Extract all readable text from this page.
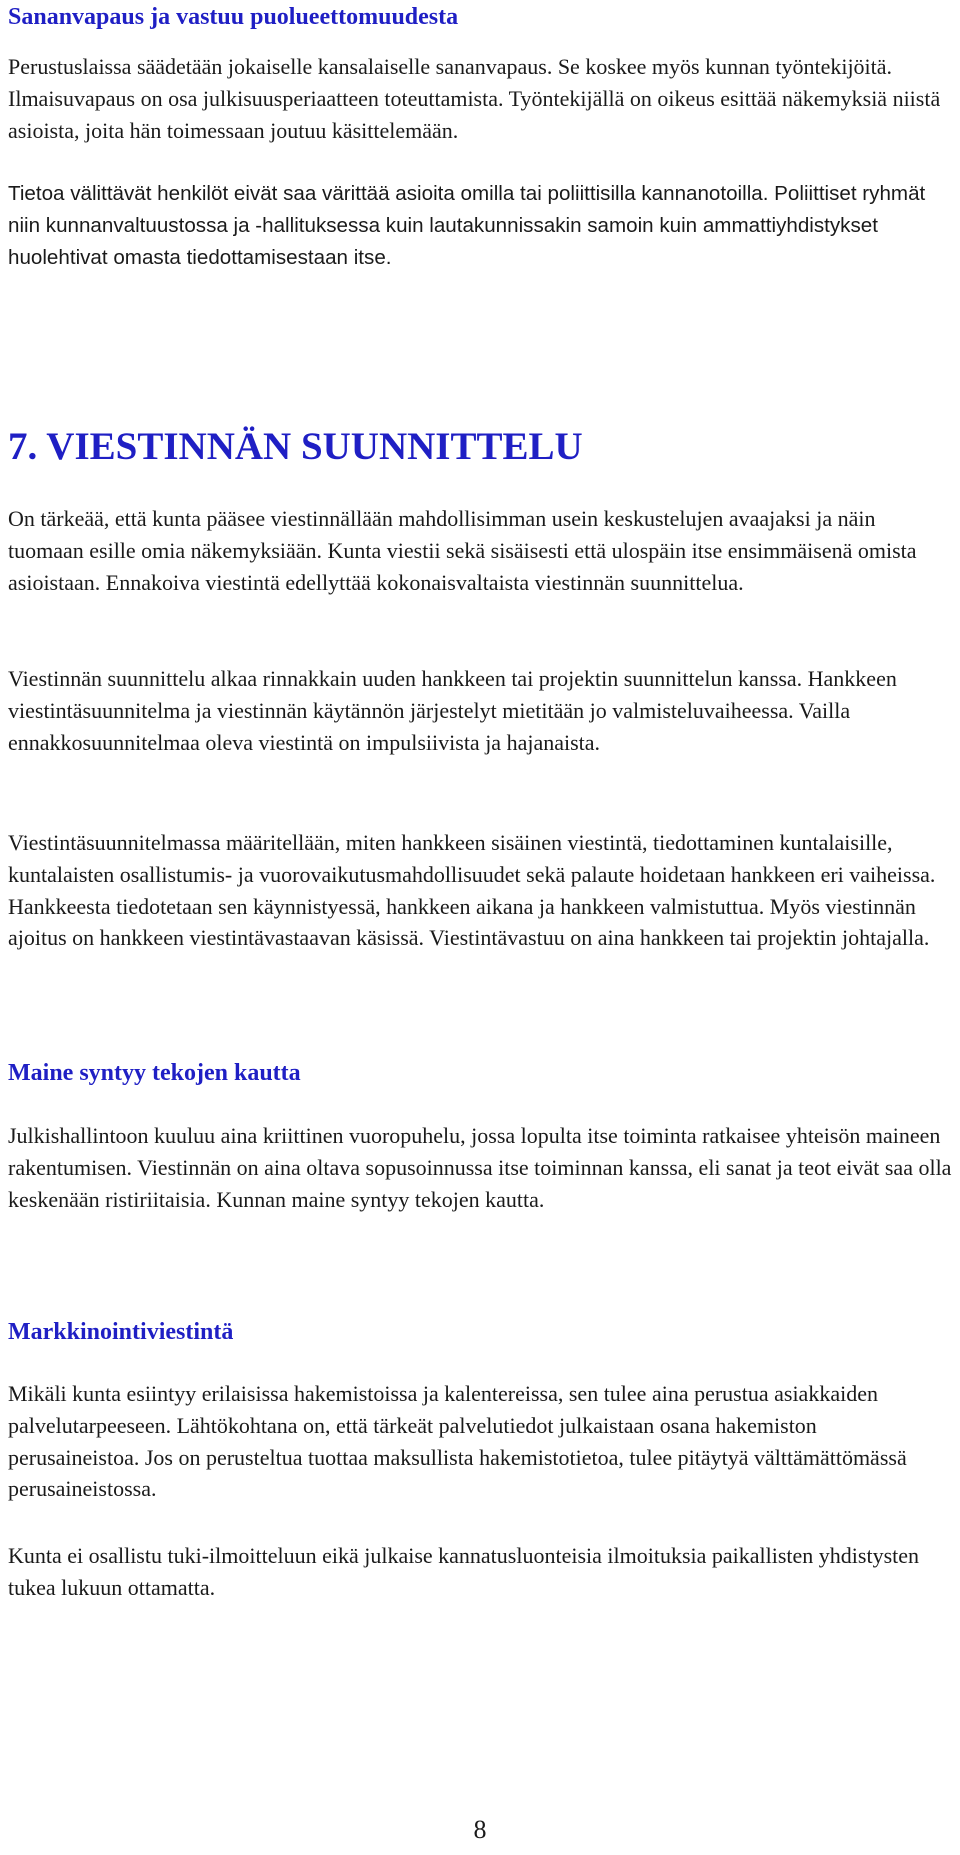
Sananvapaus ja vastuu puolueettomuudesta

Perustuslaissa säädetään jokaiselle kansalaiselle sananvapaus. Se koskee myös kunnan työntekijöitä. Ilmaisuvapaus on osa julkisuusperiaatteen toteuttamista. Työntekijällä on oikeus esittää näkemyksiä niistä asioista, joita hän toimessaan joutuu käsittelemään.

Tietoa välittävät henkilöt eivät saa värittää asioita omilla tai poliittisilla kannanotoilla. Poliittiset ryhmät niin kunnanvaltuustossa ja -hallituksessa kuin lautakunnissakin samoin kuin ammattiyhdistykset huolehtivat omasta tiedottamisestaan itse.

7. VIESTINNÄN SUUNNITTELU

On tärkeää, että kunta pääsee viestinnällään mahdollisimman usein keskustelujen avaajaksi ja näin tuomaan esille omia näkemyksiään. Kunta viestii sekä sisäisesti että ulospäin itse ensimmäisenä omista asioistaan. Ennakoiva viestintä edellyttää kokonaisvaltaista viestinnän suunnittelua.

Viestinnän suunnittelu alkaa rinnakkain uuden hankkeen tai projektin suunnittelun kanssa. Hankkeen viestintäsuunnitelma ja viestinnän käytännön järjestelyt mietitään jo valmisteluvaiheessa. Vailla ennakkosuunnitelmaa oleva viestintä on impulsiivista ja hajanaista.

Viestintäsuunnitelmassa määritellään, miten hankkeen sisäinen viestintä, tiedottaminen kuntalaisille, kuntalaisten osallistumis- ja vuorovaikutusmahdollisuudet sekä palaute hoidetaan hankkeen eri vaiheissa. Hankkeesta tiedotetaan sen käynnistyessä, hankkeen aikana ja hankkeen valmistuttua. Myös viestinnän ajoitus on hankkeen viestintävastaavan käsissä. Viestintävastuu on aina hankkeen tai projektin johtajalla.

Maine syntyy tekojen kautta

Julkishallintoon kuuluu aina kriittinen vuoropuhelu, jossa lopulta itse toiminta ratkaisee yhteisön maineen rakentumisen. Viestinnän on aina oltava sopusoinnussa itse toiminnan kanssa, eli sanat ja teot eivät saa olla keskenään ristiriitaisia. Kunnan maine syntyy tekojen kautta.

Markkinointiviestintä

Mikäli kunta esiintyy erilaisissa hakemistoissa ja kalentereissa, sen tulee aina perustua asiakkaiden palvelutarpeeseen. Lähtökohtana on, että tärkeät palvelutiedot julkaistaan osana hakemiston perusaineistoa. Jos on perusteltua tuottaa maksullista hakemistotietoa, tulee pitäytyä välttämättömässä perusaineistossa.

Kunta ei osallistu tuki-ilmoitteluun eikä julkaise kannatusluonteisia ilmoituksia paikallisten yhdistysten tukea lukuun ottamatta.

8
